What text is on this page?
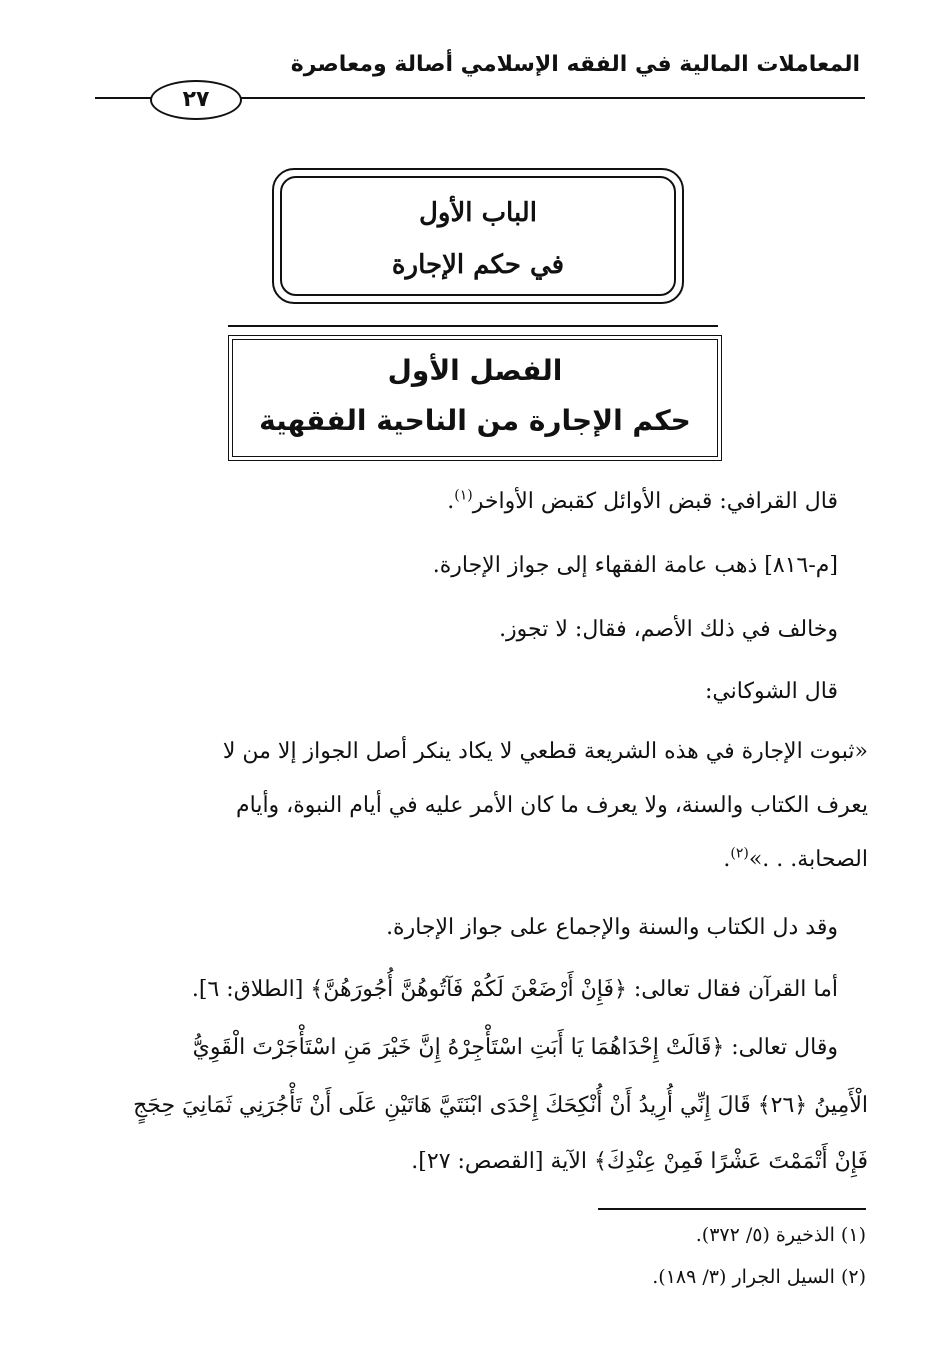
المعاملات المالية في الفقه الإسلامي أصالة ومعاصرة
٢٧
الباب الأول
في حكم الإجارة
الفصل الأول
حكم الإجارة من الناحية الفقهية
قال القرافي: قبض الأوائل كقبض الأواخر$^{(١)}$.
[م-٨١٦] ذهب عامة الفقهاء إلى جواز الإجارة.
وخالف في ذلك الأصم، فقال: لا تجوز.
قال الشوكاني:
«ثبوت الإجارة في هذه الشريعة قطعي لا يكاد ينكر أصل الجواز إلا من لا
يعرف الكتاب والسنة، ولا يعرف ما كان الأمر عليه في أيام النبوة، وأيام
الصحابة. . .»$^{(٢)}$.
وقد دل الكتاب والسنة والإجماع على جواز الإجارة.
أما القرآن فقال تعالى: ﴿فَإِنْ أَرْضَعْنَ لَكُمْ فَآتُوهُنَّ أُجُورَهُنَّ﴾ [الطلاق: ٦].
وقال تعالى: ﴿قَالَتْ إِحْدَاهُمَا يَا أَبَتِ اسْتَأْجِرْهُ إِنَّ خَيْرَ مَنِ اسْتَأْجَرْتَ الْقَوِيُّ
الْأَمِينُ ﴿٢٦﴾ قَالَ إِنِّي أُرِيدُ أَنْ أُنْكِحَكَ إِحْدَى ابْنَتَيَّ هَاتَيْنِ عَلَى أَنْ تَأْجُرَنِي ثَمَانِيَ حِجَجٍ
فَإِنْ أَتْمَمْتَ عَشْرًا فَمِنْ عِنْدِكَ﴾ الآية [القصص: ٢٧].
(١) الذخيرة (٥/ ٣٧٢).
(٢) السيل الجرار (٣/ ١٨٩).
